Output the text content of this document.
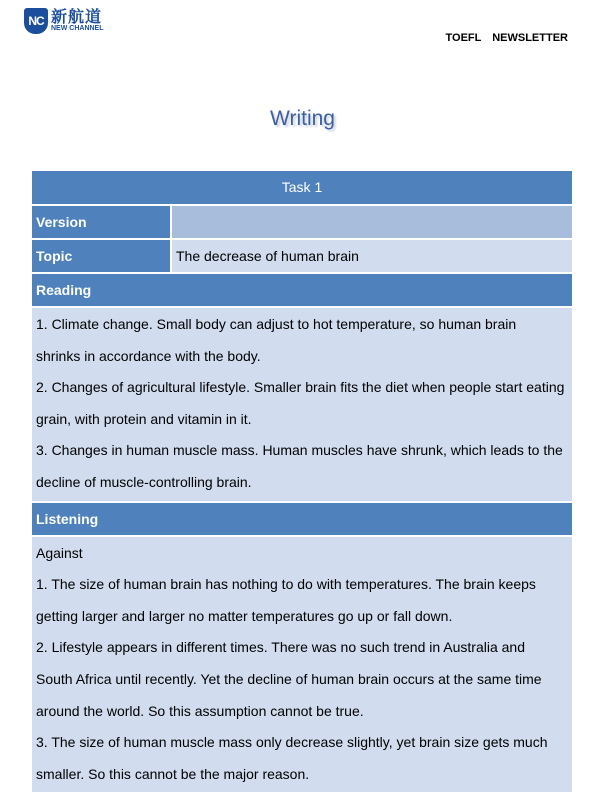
NC 新航道
NEW CHANNEL
TOEFL NEWSLETTER
Writing
Task 1
Version
Topic	The decrease of human brain
Reading

1. Climate change. Small body can adjust to hot temperature, so human brain

shrinks in accordance with the body.

2. Changes of agricultural lifestyle. Smaller brain fits the diet when people start eating

grain, with protein and vitamin in it.

3. Changes in human muscle mass. Human muscles have shrunk, which leads to the

decline of muscle-controlling brain.

Listening

Against

1. The size of human brain has nothing to do with temperatures. The brain keeps

getting larger and larger no matter temperatures go up or fall down.

2. Lifestyle appears in different times. There was no such trend in Australia and

South Africa until recently. Yet the decline of human brain occurs at the same time

around the world. So this assumption cannot be true.

3. The size of human muscle mass only decrease slightly, yet brain size gets much

smaller. So this cannot be the major reason.
